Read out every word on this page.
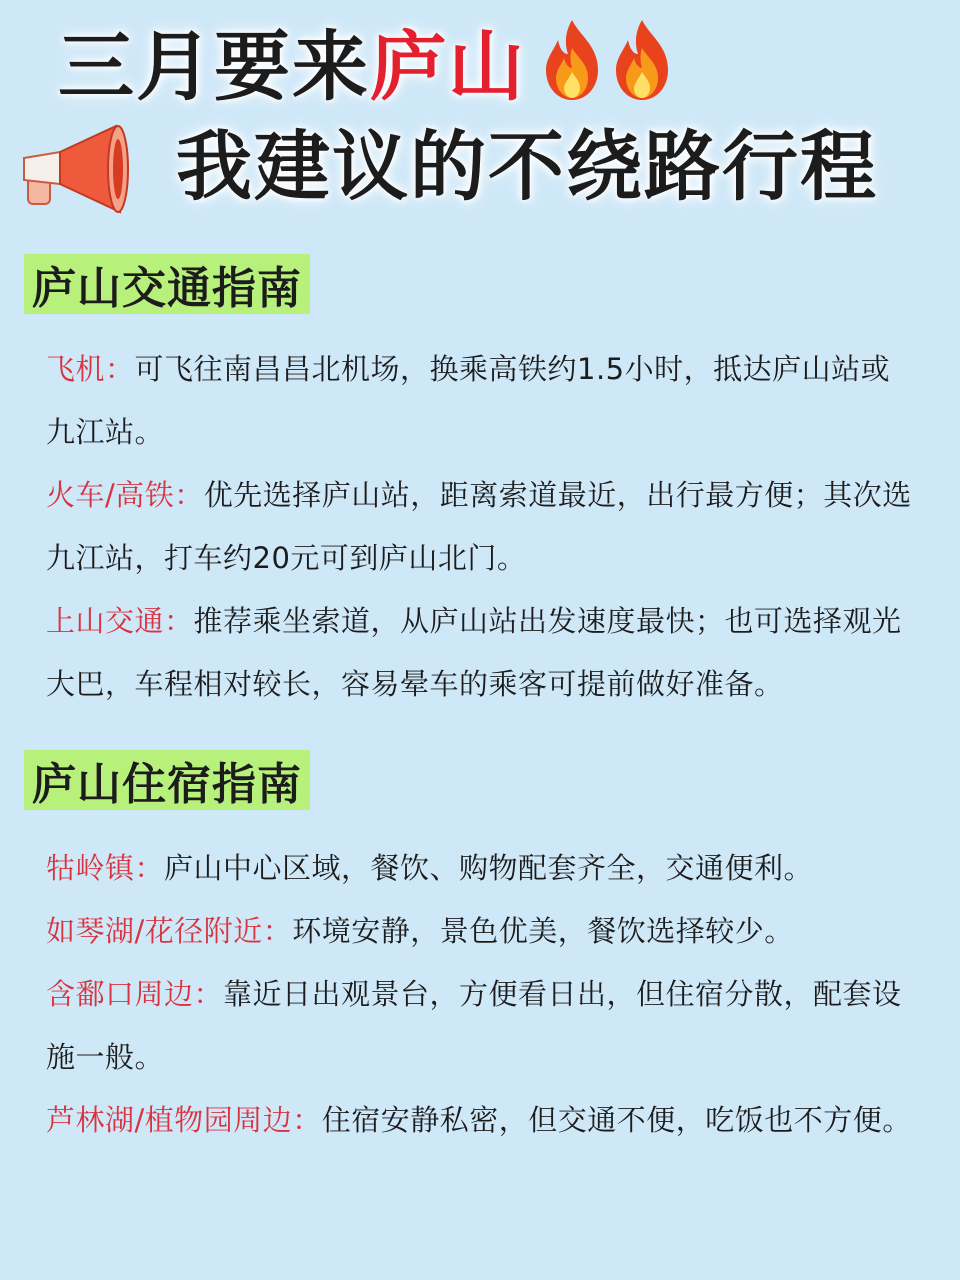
三月要来 庐山
我建议的不绕路行程
庐山交通指南

飞机：可飞往南昌昌北机场，换乘高铁约1.5小时，抵达庐山站或九江站。

火车/高铁：优先选择庐山站，距离索道最近，出行最方便；其次选九江站，打车约20元可到庐山北门。

上山交通：推荐乘坐索道，从庐山站出发速度最快；也可选择观光大巴，车程相对较长，容易晕车的乘客可提前做好准备。

庐山住宿指南

牯岭镇：庐山中心区域，餐饮、购物配套齐全，交通便利。

如琴湖/花径附近：环境安静，景色优美，餐饮选择较少。

含鄱口周边：靠近日出观景台，方便看日出，但住宿分散，配套设施一般。

芦林湖/植物园周边：住宿安静私密，但交通不便，吃饭也不方便。
